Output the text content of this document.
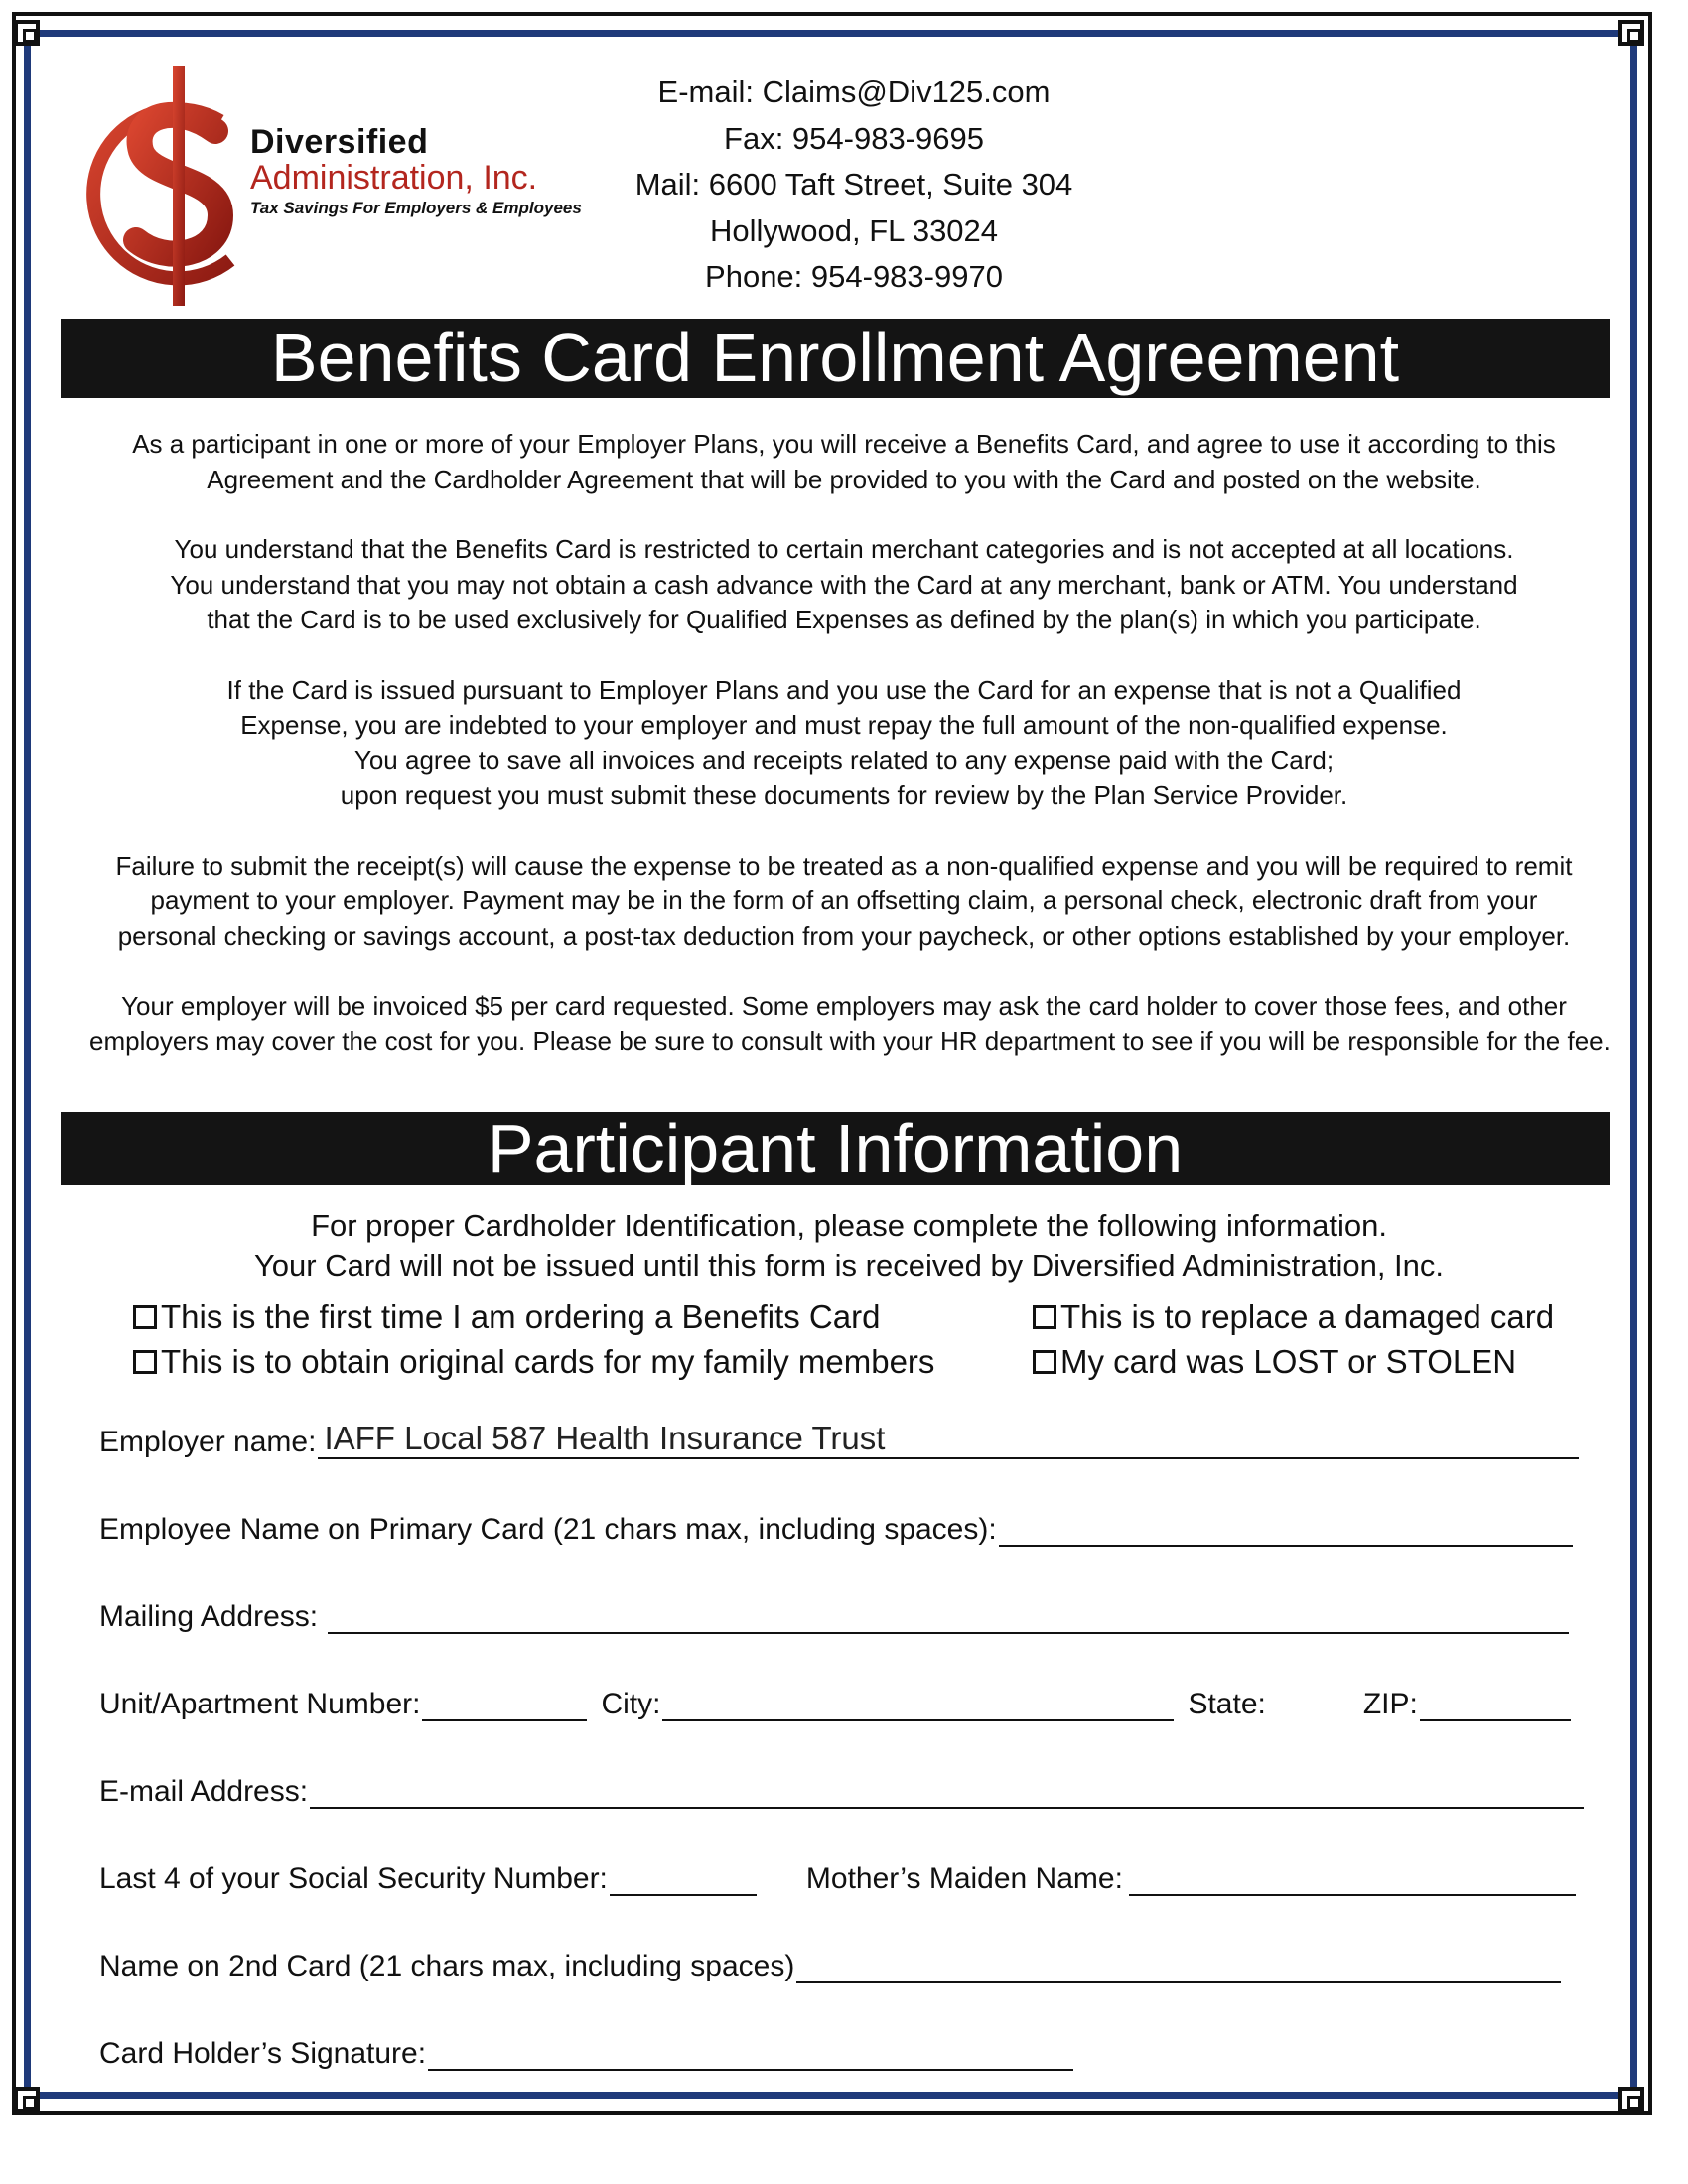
Diversified
Administration, Inc.
Tax Savings For Employers & Employees
E-mail: Claims@Div125.com
Fax: 954-983-9695
Mail: 6600 Taft Street, Suite 304
Hollywood, FL 33024
Phone: 954-983-9970
Benefits Card Enrollment Agreement

As a participant in one or more of your Employer Plans, you will receive a Benefits Card, and agree to use it according to this
Agreement and the Cardholder Agreement that will be provided to you with the Card and posted on the website.

You understand that the Benefits Card is restricted to certain merchant categories and is not accepted at all locations.
You understand that you may not obtain a cash advance with the Card at any merchant, bank or ATM. You understand
that the Card is to be used exclusively for Qualified Expenses as defined by the plan(s) in which you participate.

If the Card is issued pursuant to Employer Plans and you use the Card for an expense that is not a Qualified
Expense, you are indebted to your employer and must repay the full amount of the non-qualified expense.
You agree to save all invoices and receipts related to any expense paid with the Card;
upon request you must submit these documents for review by the Plan Service Provider.

Failure to submit the receipt(s) will cause the expense to be treated as a non-qualified expense and you will be required to remit
payment to your employer. Payment may be in the form of an offsetting claim, a personal check, electronic draft from your
personal checking or savings account, a post-tax deduction from your paycheck, or other options established by your employer.

Your employer will be invoiced $5 per card requested. Some employers may ask the card holder to cover those fees, and other
employers may cover the cost for you. Please be sure to consult with your HR department to see if you will be responsible for the fee.

Participant Information
For proper Cardholder Identification, please complete the following information.
Your Card will not be issued until this form is received by Diversified Administration, Inc.
This is the first time I am ordering a Benefits Card	This is to replace a damaged card
This is to obtain original cards for my family members	My card was LOST or STOLEN
Employer name: IAFF Local 587 Health Insurance Trust
Employee Name on Primary Card (21 chars max, including spaces):
Mailing Address:
Unit/Apartment Number:	City:	State:	ZIP:
E-mail Address:
Last 4 of your Social Security Number:	Mother’s Maiden Name:
Name on 2nd Card (21 chars max, including spaces)
Card Holder’s Signature:
